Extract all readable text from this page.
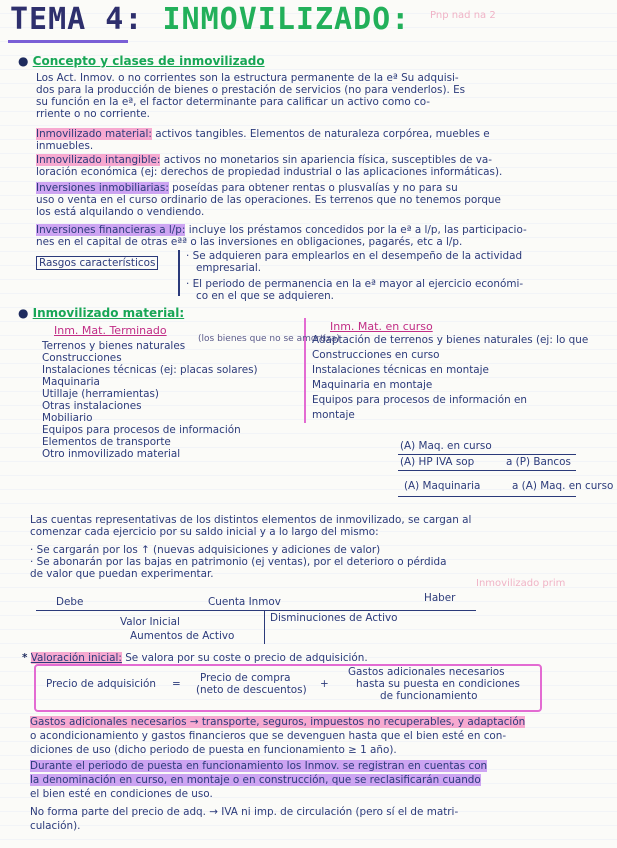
TEMA 4: INMOVILIZADO: Pnp nad na 2
● Concepto y clases de inmovilizado
Los Act. Inmov. o no corrientes son la estructura permanente de la eª Su adquisi-
dos para la producción de bienes o prestación de servicios (no para venderlos). Es
su función en la eª, el factor determinante para calificar un activo como co-
rriente o no corriente.
Inmovilizado material: activos tangibles. Elementos de naturaleza corpórea, muebles e
inmuebles.
Inmovilizado intangible: activos no monetarios sin apariencia física, susceptibles de va-
loración económica (ej: derechos de propiedad industrial o las aplicaciones informáticas).
Inversiones inmobiliarias: poseídas para obtener rentas o plusvalías y no para su
uso o venta en el curso ordinario de las operaciones. Es terrenos que no tenemos porque
los está alquilando o vendiendo.
Inversiones financieras a l/p: incluye los préstamos concedidos por la eª a l/p, las participacio-
nes en el capital de otras eªª o las inversiones en obligaciones, pagarés, etc a l/p.
Rasgos característicos
· Se adquieren para emplearlos en el desempeño de la actividad
empresarial.
· El periodo de permanencia en la eª mayor al ejercicio económi-
co en el que se adquieren.
● Inmovilizado material:
Inm. Mat. Terminado	Inm. Mat. en curso
(los bienes que no se amortiza)
Terrenos y bienes naturales
Construcciones
Instalaciones técnicas (ej: placas solares)
Maquinaria
Utillaje (herramientas)
Otras instalaciones
Mobiliario
Equipos para procesos de información
Elementos de transporte
Otro inmovilizado material
Adaptación de terrenos y bienes naturales (ej: lo que
Construcciones en curso
Instalaciones técnicas en montaje
Maquinaria en montaje
Equipos para procesos de información en
montaje
(A) Maq. en curso
(A) HP IVA sop	a (P) Bancos
(A) Maquinaria	a (A) Maq. en curso
Las cuentas representativas de los distintos elementos de inmovilizado, se cargan al
comenzar cada ejercicio por su saldo inicial y a lo largo del mismo:
· Se cargarán por los ↑ (nuevas adquisiciones y adiciones de valor)
· Se abonarán por las bajas en patrimonio (ej ventas), por el deterioro o pérdida
de valor que puedan experimentar.
Inmovilizado prim
Debe	Cuenta Inmov	Haber
Valor Inicial
Aumentos de Activo
Disminuciones de Activo
* Valoración inicial: Se valora por su coste o precio de adquisición.
Precio de adquisición = Precio de compra
(neto de descuentos) +
Gastos adicionales necesarios
hasta su puesta en condiciones
de funcionamiento
Gastos adicionales necesarios → transporte, seguros, impuestos no recuperables, y adaptación
o acondicionamiento y gastos financieros que se devenguen hasta que el bien esté en con-
diciones de uso (dicho periodo de puesta en funcionamiento ≥ 1 año).
Durante el periodo de puesta en funcionamiento los Inmov. se registran en cuentas con
la denominación en curso, en montaje o en construcción, que se reclasificarán cuando
el bien esté en condiciones de uso.
No forma parte del precio de adq. → IVA ni imp. de circulación (pero sí el de matri-
culación).
